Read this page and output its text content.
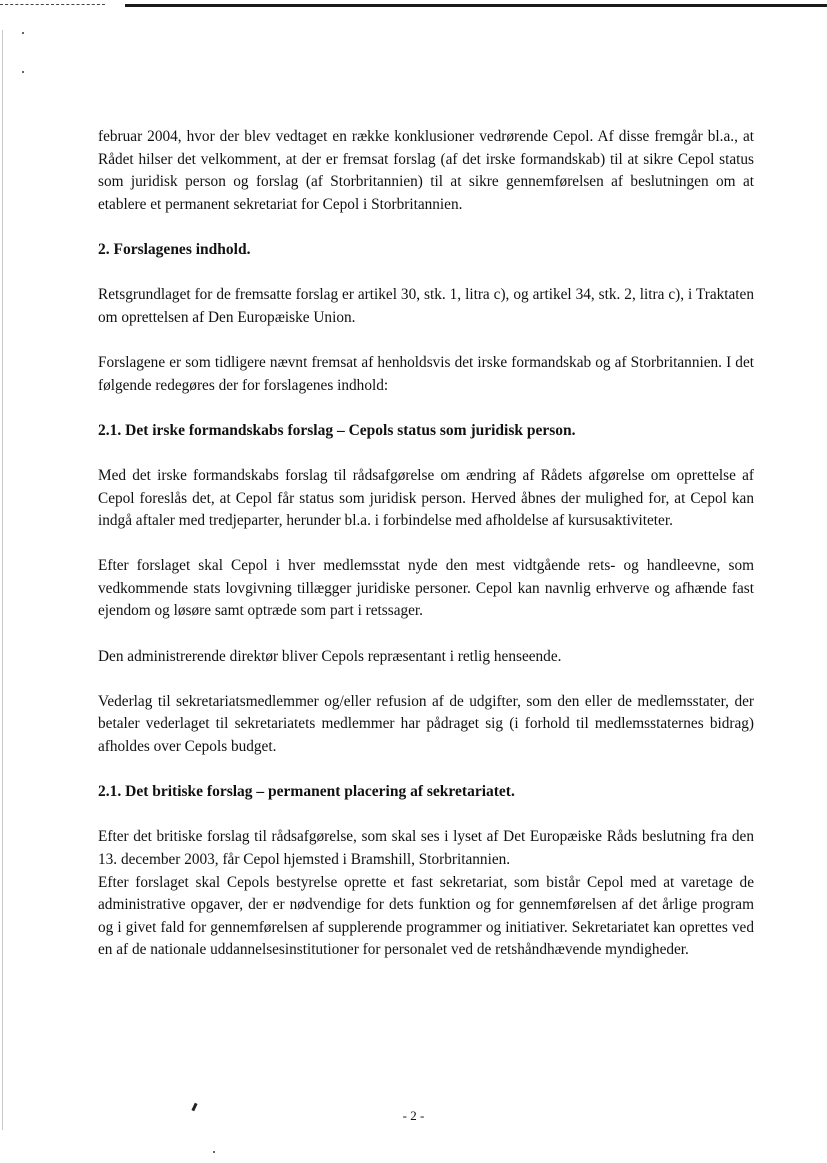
februar 2004, hvor der blev vedtaget en række konklusioner vedrørende Cepol. Af disse fremgår bl.a., at Rådet hilser det velkomment, at der er fremsat forslag (af det irske formandskab) til at sikre Cepol status som juridisk person og forslag (af Storbritannien) til at sikre gennemførelsen af beslutningen om at etablere et permanent sekretariat for Cepol i Storbritannien.

2. Forslagenes indhold.

Retsgrundlaget for de fremsatte forslag er artikel 30, stk. 1, litra c), og artikel 34, stk. 2, litra c), i Traktaten om oprettelsen af Den Europæiske Union.

Forslagene er som tidligere nævnt fremsat af henholdsvis det irske formandskab og af Storbritannien. I det følgende redegøres der for forslagenes indhold:

2.1. Det irske formandskabs forslag – Cepols status som juridisk person.

Med det irske formandskabs forslag til rådsafgørelse om ændring af Rådets afgørelse om oprettelse af Cepol foreslås det, at Cepol får status som juridisk person. Herved åbnes der mulighed for, at Cepol kan indgå aftaler med tredjeparter, herunder bl.a. i forbindelse med afholdelse af kursusaktiviteter.

Efter forslaget skal Cepol i hver medlemsstat nyde den mest vidtgående rets- og handleevne, som vedkommende stats lovgivning tillægger juridiske personer. Cepol kan navnlig erhverve og afhænde fast ejendom og løsøre samt optræde som part i retssager.

Den administrerende direktør bliver Cepols repræsentant i retlig henseende.

Vederlag til sekretariatsmedlemmer og/eller refusion af de udgifter, som den eller de medlemsstater, der betaler vederlaget til sekretariatets medlemmer har pådraget sig (i forhold til medlemsstaternes bidrag) afholdes over Cepols budget.

2.1. Det britiske forslag – permanent placering af sekretariatet.

Efter det britiske forslag til rådsafgørelse, som skal ses i lyset af Det Europæiske Råds beslutning fra den 13. december 2003, får Cepol hjemsted i Bramshill, Storbritannien.

Efter forslaget skal Cepols bestyrelse oprette et fast sekretariat, som bistår Cepol med at varetage de administrative opgaver, der er nødvendige for dets funktion og for gennemførelsen af det årlige program og i givet fald for gennemførelsen af supplerende programmer og initiativer. Sekretariatet kan oprettes ved en af de nationale uddannelsesinstitutioner for personalet ved de retshåndhævende myndigheder.

- 2 -
